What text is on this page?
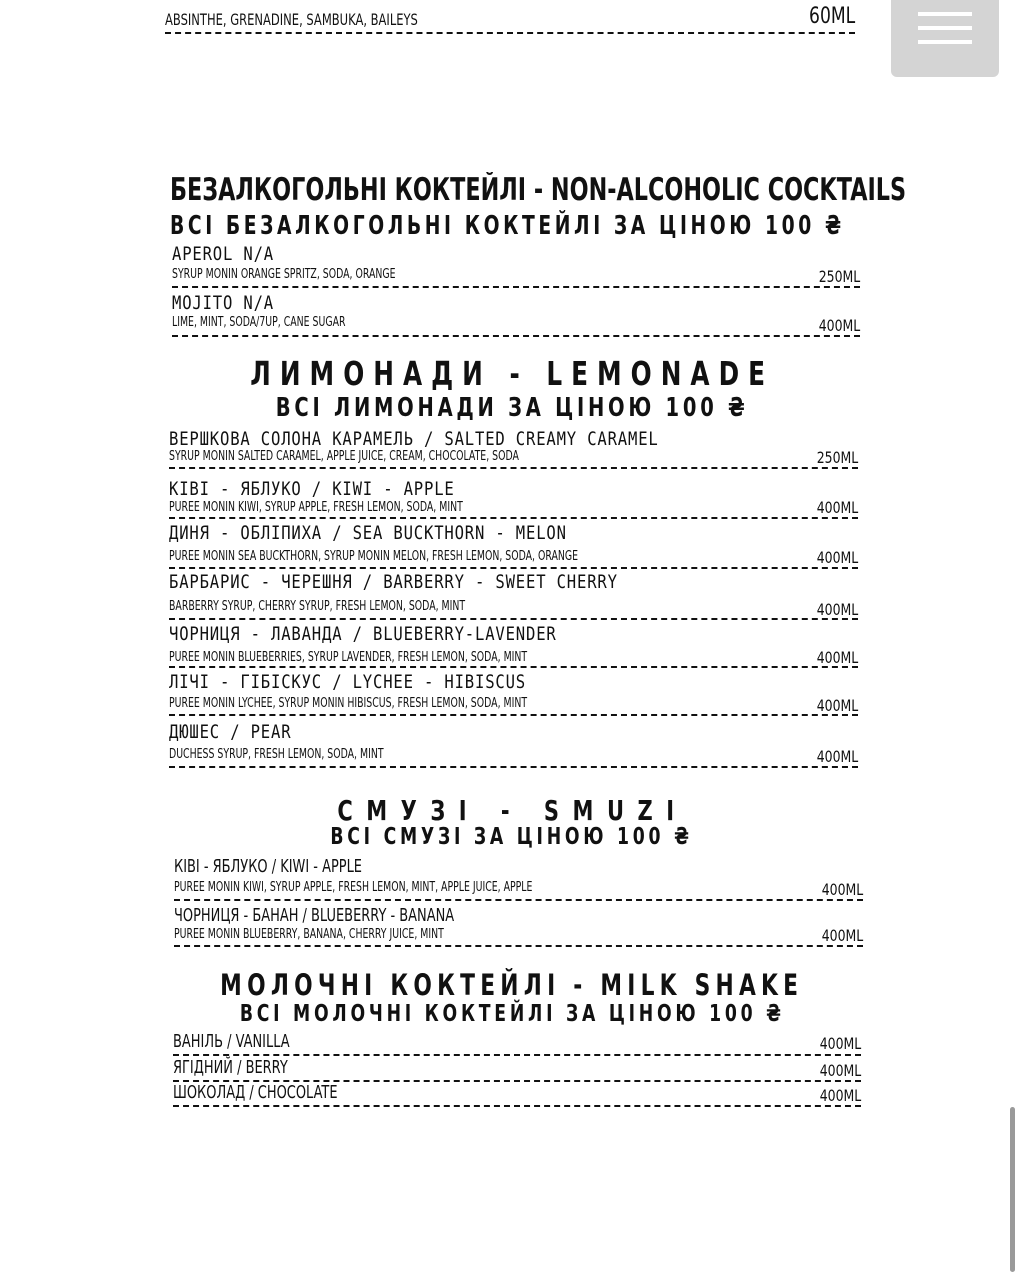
ABSINTHE, GRENADINE, SAMBUKA, BAILEYS	60ML
БЕЗАЛКОГОЛЬНІ КОКТЕЙЛІ - NON-ALCOHOLIC COCKTAILS
ВСІ БЕЗАЛКОГОЛЬНІ КОКТЕЙЛІ ЗА ЦІНОЮ 100 ₴
APEROL N/A
SYRUP MONIN ORANGE SPRITZ, SODA, ORANGE	250ML
MOJITO N/A
LIME, MINT, SODA/7UP, CANE SUGAR	400ML
ЛИМОНАДИ - LEMONADE
ВСІ ЛИМОНАДИ ЗА ЦІНОЮ 100 ₴
ВЕРШКОВА СОЛОНА КАРАМЕЛЬ / SALTED CREAMY CARAMEL
SYRUP MONIN SALTED CARAMEL, APPLE JUICE, CREAM, CHOCOLATE, SODA	250ML
КІВІ - ЯБЛУКО / KIWI - APPLE
PUREE MONIN KIWI, SYRUP APPLE, FRESH LEMON, SODA, MINT	400ML
ДИНЯ - ОБЛІПИХА / SEA BUCKTHORN - MELON
PUREE MONIN SEA BUCKTHORN, SYRUP MONIN MELON, FRESH LEMON, SODA, ORANGE	400ML
БАРБАРИС - ЧЕРЕШНЯ / BARBERRY - SWEET CHERRY
BARBERRY SYRUP, CHERRY SYRUP, FRESH LEMON, SODA, MINT	400ML
ЧОРНИЦЯ - ЛАВАНДА / BLUEBERRY-LAVENDER
PUREE MONIN BLUEBERRIES, SYRUP LAVENDER, FRESH LEMON, SODA, MINT	400ML
ЛІЧІ - ГІБІСКУС / LYCHEE - HIBISCUS
PUREE MONIN LYCHEE, SYRUP MONIN HIBISCUS, FRESH LEMON, SODA, MINT	400ML
ДЮШЕС / PEAR
DUCHESS SYRUP, FRESH LEMON, SODA, MINT	400ML
СМУЗІ - SMUZI
ВСІ СМУЗІ ЗА ЦІНОЮ 100 ₴
КІВІ - ЯБЛУКО / KIWI - APPLE
PUREE MONIN KIWI, SYRUP APPLE, FRESH LEMON, MINT, APPLE JUICE, APPLE	400ML
ЧОРНИЦЯ - БАНАН / BLUEBERRY - BANANA
PUREE MONIN BLUEBERRY, BANANA, CHERRY JUICE, MINT	400ML
МОЛОЧНІ КОКТЕЙЛІ - MILK SHAKE
ВСІ МОЛОЧНІ КОКТЕЙЛІ ЗА ЦІНОЮ 100 ₴
ВАНІЛЬ / VANILLA	400ML
ЯГІДНИЙ / BERRY	400ML
ШОКОЛАД / CHOCOLATE	400ML
